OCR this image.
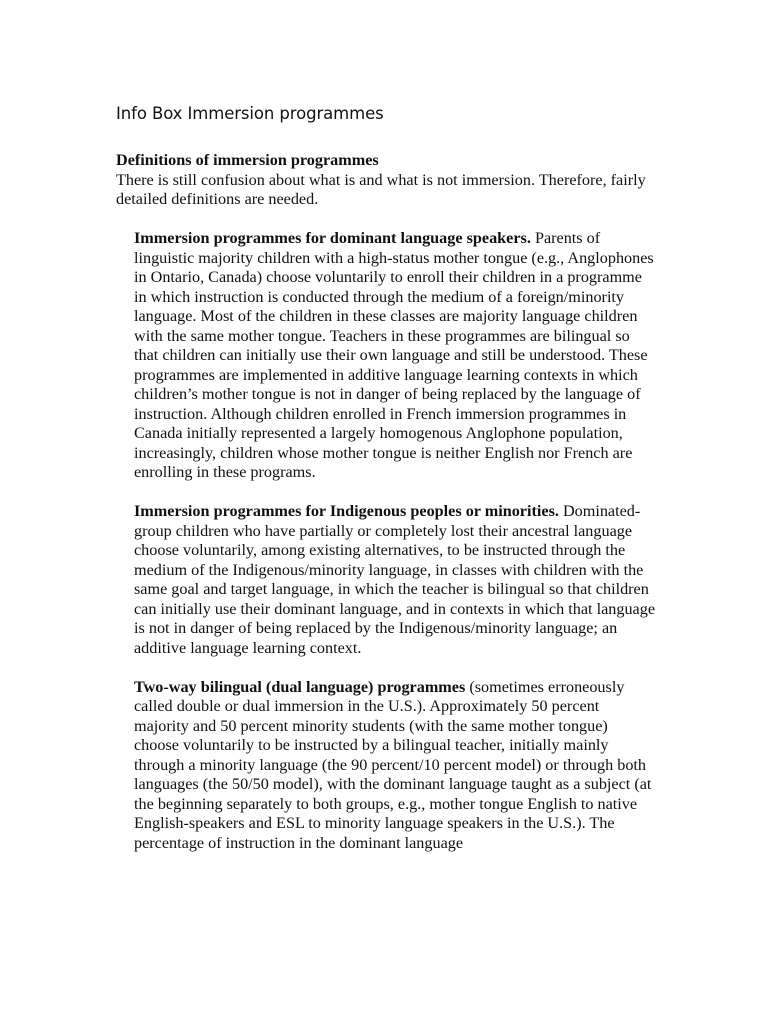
Info Box Immersion programmes

Definitions of immersion programmes

There is still confusion about what is and what is not immersion. Therefore, fairly detailed definitions are needed.

Immersion programmes for dominant language speakers. Parents of linguistic majority children with a high-status mother tongue (e.g., Anglophones in Ontario, Canada) choose voluntarily to enroll their children in a programme in which instruction is conducted through the medium of a foreign/minority language. Most of the children in these classes are majority language children with the same mother tongue. Teachers in these programmes are bilingual so that children can initially use their own language and still be understood. These programmes are implemented in additive language learning contexts in which children’s mother tongue is not in danger of being replaced by the language of instruction. Although children enrolled in French immersion programmes in Canada initially represented a largely homogenous Anglophone population, increasingly, children whose mother tongue is neither English nor French are enrolling in these programs.

Immersion programmes for Indigenous peoples or minorities. Dominated-group children who have partially or completely lost their ancestral language choose voluntarily, among existing alternatives, to be instructed through the medium of the Indigenous/minority language, in classes with children with the same goal and target language, in which the teacher is bilingual so that children can initially use their dominant language, and in contexts in which that language is not in danger of being replaced by the Indigenous/minority language; an additive language learning context.

Two-way bilingual (dual language) programmes (sometimes erroneously called double or dual immersion in the U.S.). Approximately 50 percent majority and 50 percent minority students (with the same mother tongue) choose voluntarily to be instructed by a bilingual teacher, initially mainly through a minority language (the 90 percent/10 percent model) or through both languages (the 50/50 model), with the dominant language taught as a subject (at the beginning separately to both groups, e.g., mother tongue English to native English-speakers and ESL to minority language speakers in the U.S.). The percentage of instruction in the dominant language
